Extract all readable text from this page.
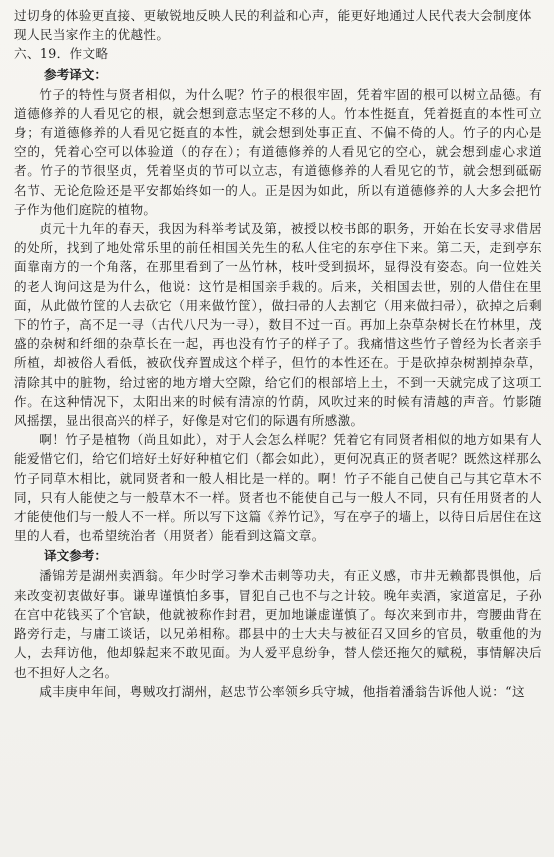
过切身的体验更直接、更敏锐地反映人民的利益和心声，能更好地通过人民代表大会制度体
现人民当家作主的优越性。
六、19．作文略
参考译文：

竹子的特性与贤者相似，为什么呢？竹子的根很牢固，凭着牢固的根可以树立品德。有道德修养的人看见它的根，就会想到意志坚定不移的人。竹本性挺直，凭着挺直的本性可立身；有道德修养的人看见它挺直的本性，就会想到处事正直、不偏不倚的人。竹子的内心是空的，凭着心空可以体验道（的存在）；有道德修养的人看见它的空心，就会想到虚心求道者。竹子的节很坚贞，凭着坚贞的节可以立志，有道德修养的人看见它的节，就会想到砥砺名节、无论危险还是平安都始终如一的人。正是因为如此，所以有道德修养的人大多会把竹子作为他们庭院的植物。

贞元十九年的春天，我因为科举考试及第，被授以校书郎的职务，开始在长安寻求借居的处所，找到了地处常乐里的前任相国关先生的私人住宅的东亭住下来。第二天，走到亭东面靠南方的一个角落，在那里看到了一丛竹林，枝叶受到损坏，显得没有姿态。向一位姓关的老人询问这是为什么，他说：这竹是相国亲手栽的。后来，关相国去世，别的人借住在里面，从此做竹筐的人去砍它（用来做竹筐），做扫帚的人去割它（用来做扫帚），砍掉之后剩下的竹子，高不足一寻（古代八尺为一寻），数目不过一百。再加上杂草杂树长在竹林里，茂盛的杂树和纤细的杂草长在一起，再也没有竹子的样子了。我痛惜这些竹子曾经为长者亲手所植，却被俗人看低，被砍伐弃置成这个样子，但竹的本性还在。于是砍掉杂树割掉杂草，清除其中的脏物，给过密的地方增大空隙，给它们的根部培上土，不到一天就完成了这项工作。在这种情况下，太阳出来的时候有清凉的竹荫，风吹过来的时候有清越的声音。竹影随风摇摆，显出很高兴的样子，好像是对它们的际遇有所感激。

啊！竹子是植物（尚且如此），对于人会怎么样呢？凭着它有同贤者相似的地方如果有人能爱惜它们，给它们培好土好好种植它们（都会如此），更何况真正的贤者呢？既然这样那么竹子同草木相比，就同贤者和一般人相比是一样的。啊！竹子不能自己使自己与其它草木不同，只有人能使之与一般草木不一样。贤者也不能使自己与一般人不同，只有任用贤者的人才能使他们与一般人不一样。所以写下这篇《养竹记》，写在亭子的墙上，以待日后居住在这里的人看，也希望统治者（用贤者）能看到这篇文章。

译文参考：

潘锦芳是湖州卖酒翁。年少时学习拳术击刺等功夫，有正义感，市井无赖都畏惧他，后来改变初衷做好事。谦卑谨慎怕多事，冒犯自己也不与之计较。晚年卖酒，家道富足，子孙在宫中花钱买了个官缺，他就被称作封君，更加地谦虚谨慎了。每次来到市井，弯腰曲背在路旁行走，与庸工谈话，以兄弟相称。郡县中的士大夫与被征召又回乡的官员，敬重他的为人，去拜访他，他却躲起来不敢见面。为人爱平息纷争，替人偿还拖欠的赋税，事情解决后也不担好人之名。

咸丰庚申年间，粤贼攻打湖州，赵忠节公率领乡兵守城，他指着潘翁告诉他人说：“这
